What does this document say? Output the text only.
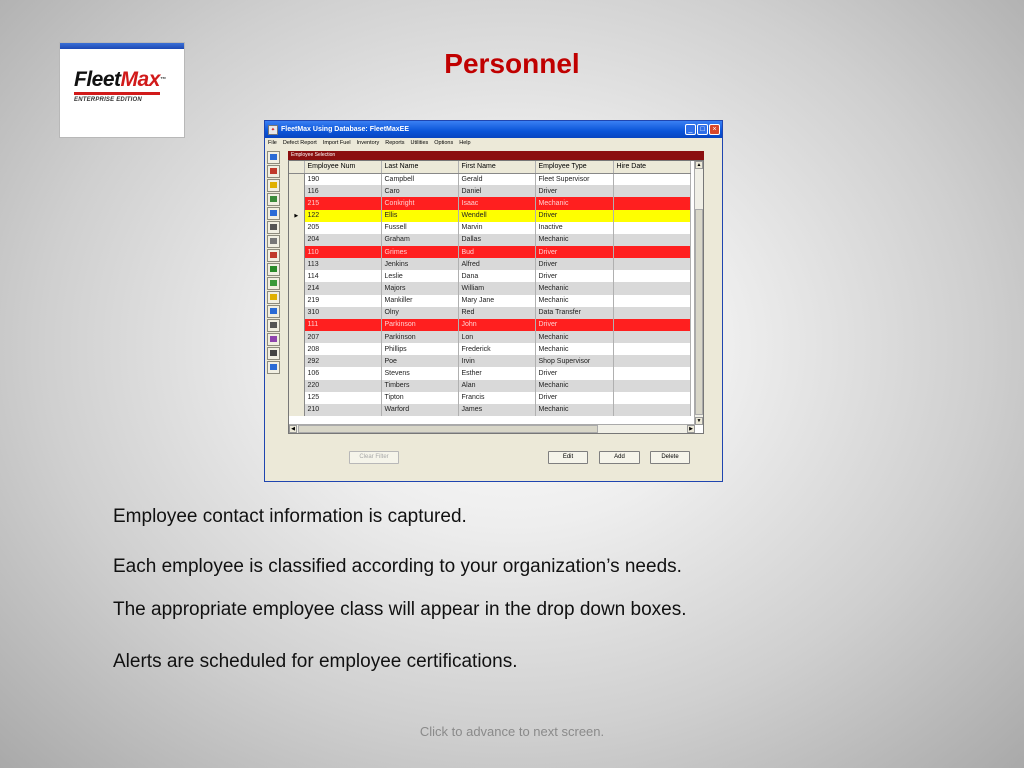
FleetMax™
ENTERPRISE EDITION
Personnel
✦ FleetMax Using Database: FleetMaxEE	_	□	×
File Defect Report Import Fuel Inventory Reports Utilities Options Help
Employee Selection
	Employee Num	Last Name	First Name	Employee Type	Hire Date
	190	Campbell	Gerald	Fleet Supervisor	
	116	Caro	Daniel	Driver	
	215	Conkright	Isaac	Mechanic	
▶	122	Ellis	Wendell	Driver	
	205	Fussell	Marvin	Inactive	
	204	Graham	Dallas	Mechanic	
	110	Grimes	Bud	Driver	
	113	Jenkins	Alfred	Driver	
	114	Leslie	Dana	Driver	
	214	Majors	William	Mechanic	
	219	Mankiller	Mary Jane	Mechanic	
	310	Olny	Red	Data Transfer	
	111	Parkinson	John	Driver	
	207	Parkinson	Lon	Mechanic	
	208	Phillips	Frederick	Mechanic	
	292	Poe	Irvin	Shop Supervisor	
	106	Stevens	Esther	Driver	
	220	Timbers	Alan	Mechanic	
	125	Tipton	Francis	Driver	
	210	Warford	James	Mechanic	
▲
▼
◀	▶
Clear Filter	Edit	Add	Delete

Employee contact information is captured.

Each employee is classified according to your organization’s needs.

The appropriate employee class will appear in the drop down boxes.

Alerts are scheduled for employee certifications.

Click to advance to next screen.
